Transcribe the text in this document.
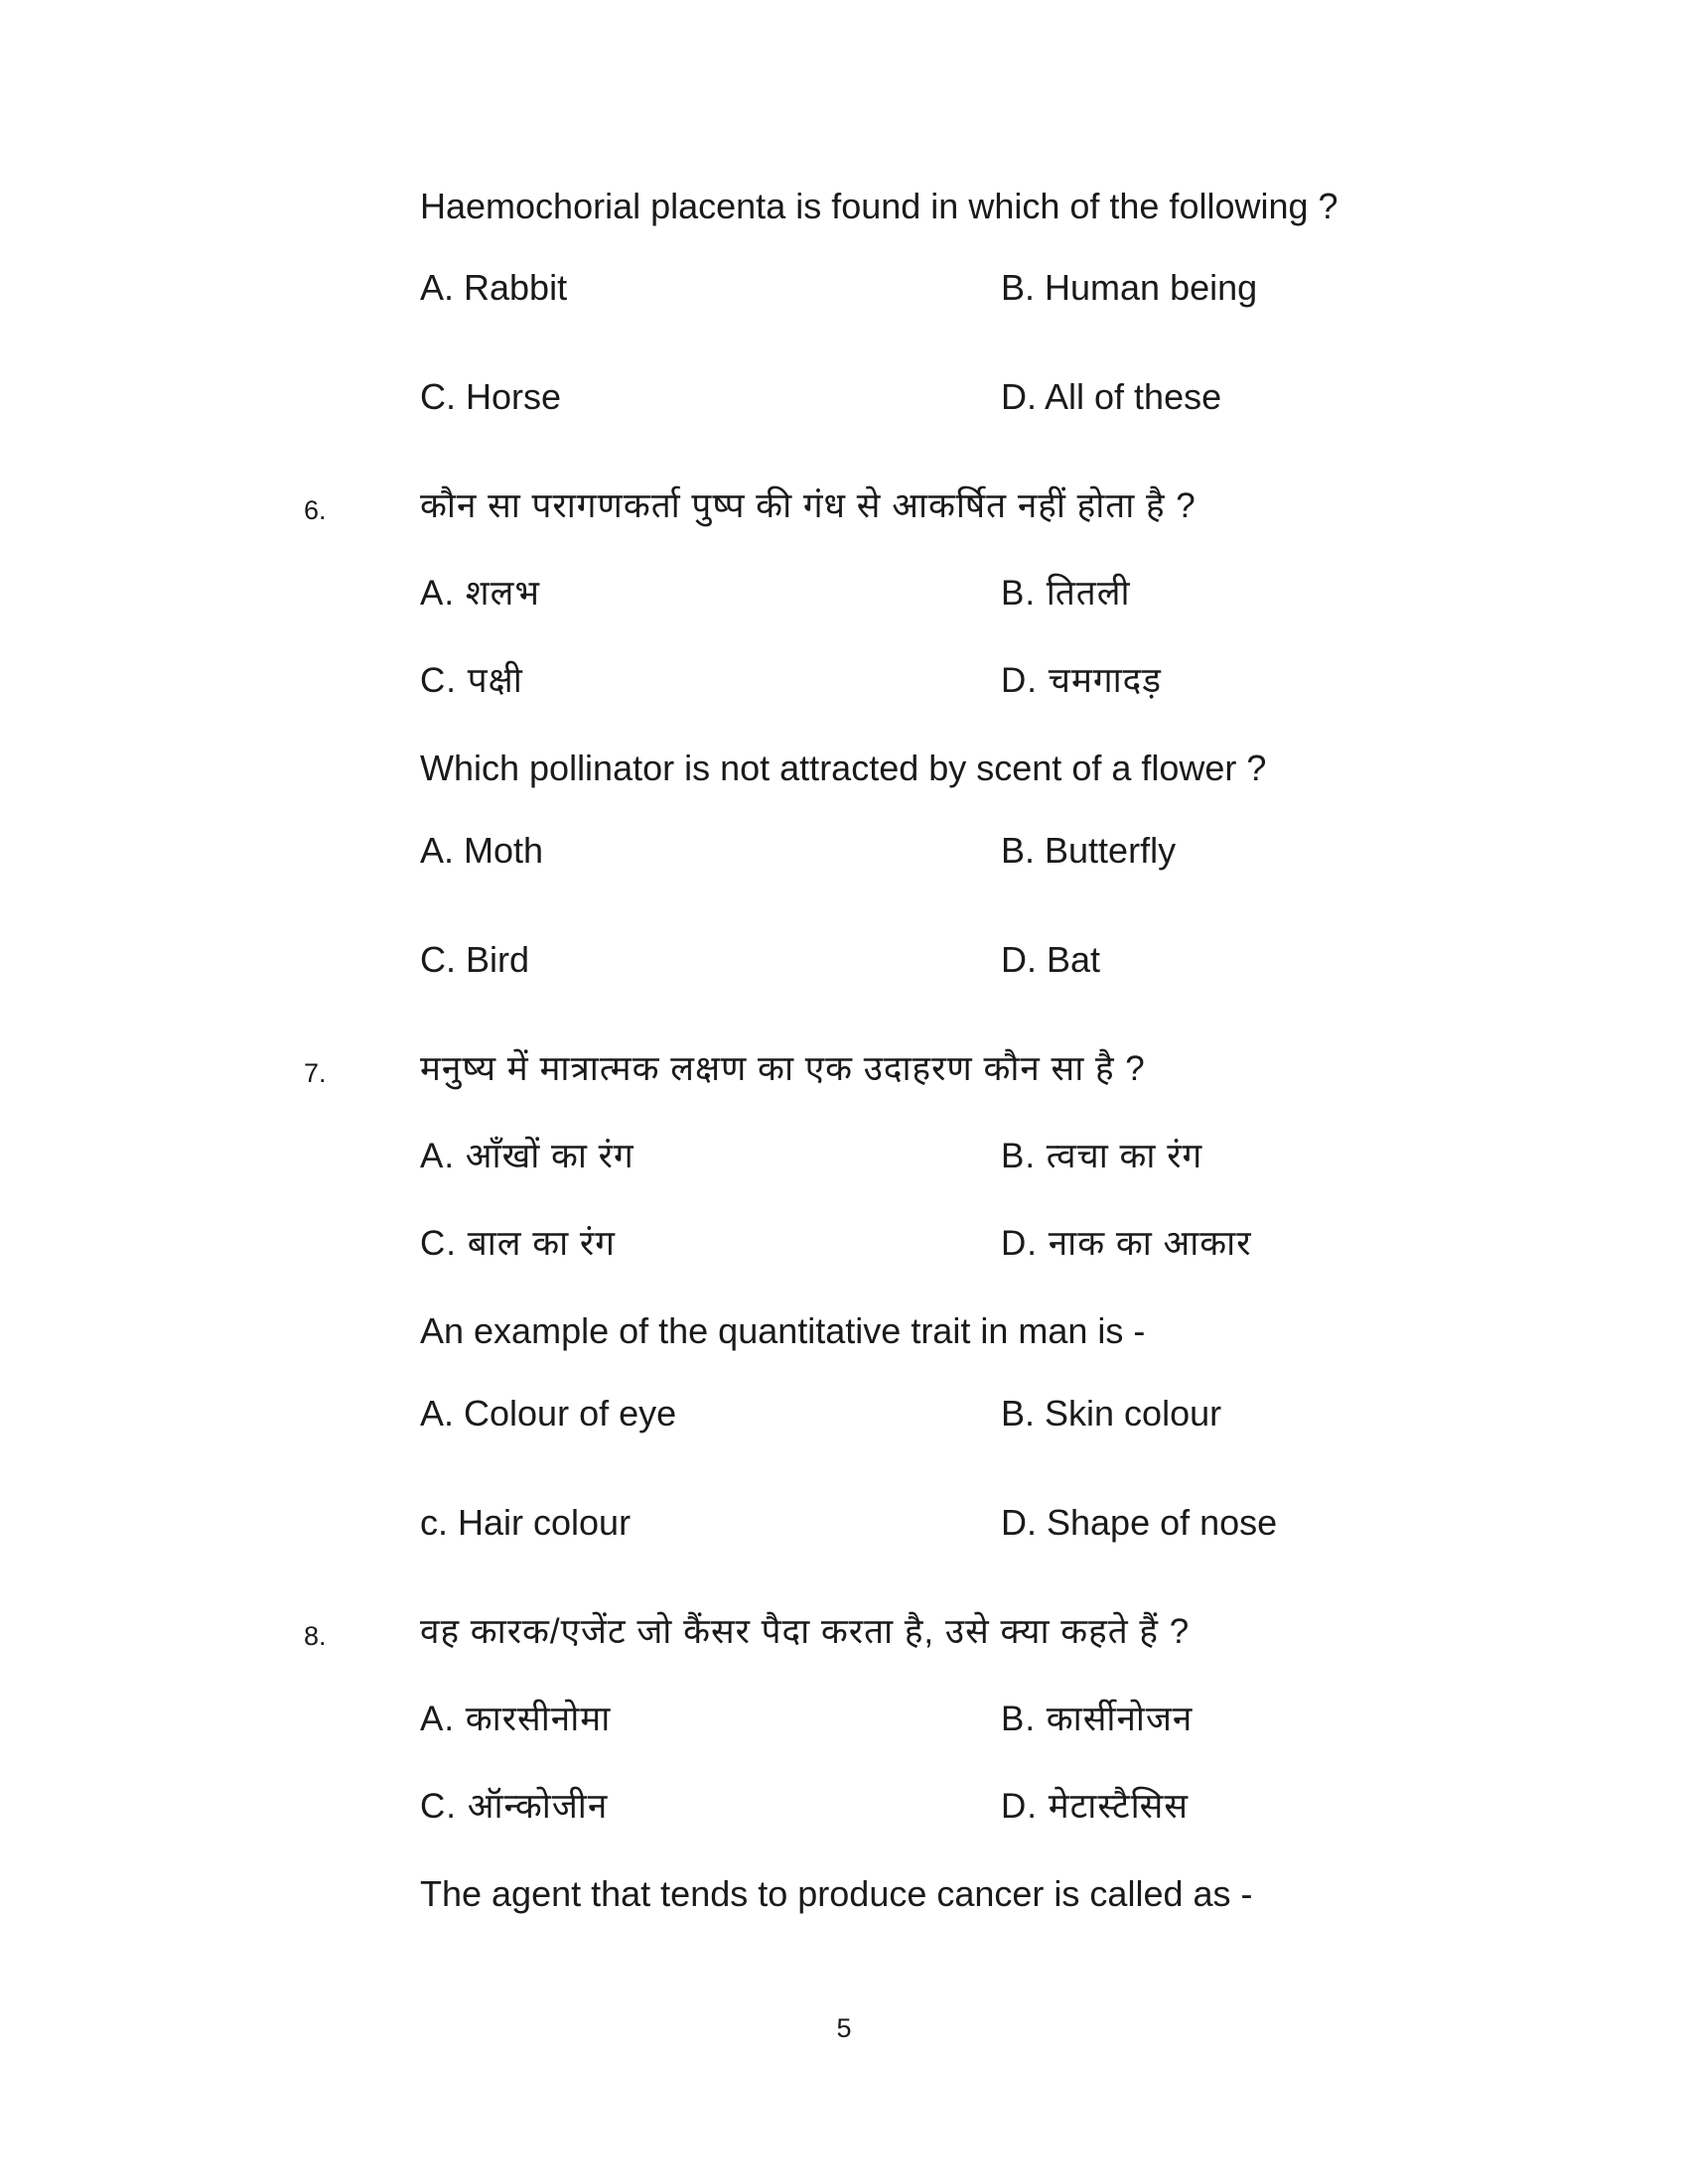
Haemochorial placenta is found in which of the following ?
A. Rabbit	B. Human being
C. Horse	D. All of these
6.	कौन सा परागणकर्ता पुष्प की गंध से आकर्षित नहीं होता है ?
A. शलभ	B. तितली
C. पक्षी	D. चमगादड़
Which pollinator is not attracted by scent of a flower ?
A. Moth	B. Butterfly
C. Bird	D. Bat
7.	मनुष्य में मात्रात्मक लक्षण का एक उदाहरण कौन सा है ?
A. आँखों का रंग	B. त्वचा का रंग
C. बाल का रंग	D. नाक का आकार
An example of the quantitative trait in man is -
A. Colour of eye	B. Skin colour
c. Hair colour	D. Shape of nose
8.	वह कारक/एजेंट जो कैंसर पैदा करता है, उसे क्या कहते हैं ?
A. कारसीनोमा	B. कार्सीनोजन
C. ऑन्कोजीन	D. मेटास्टैसिस
The agent that tends to produce cancer is called as -
5
